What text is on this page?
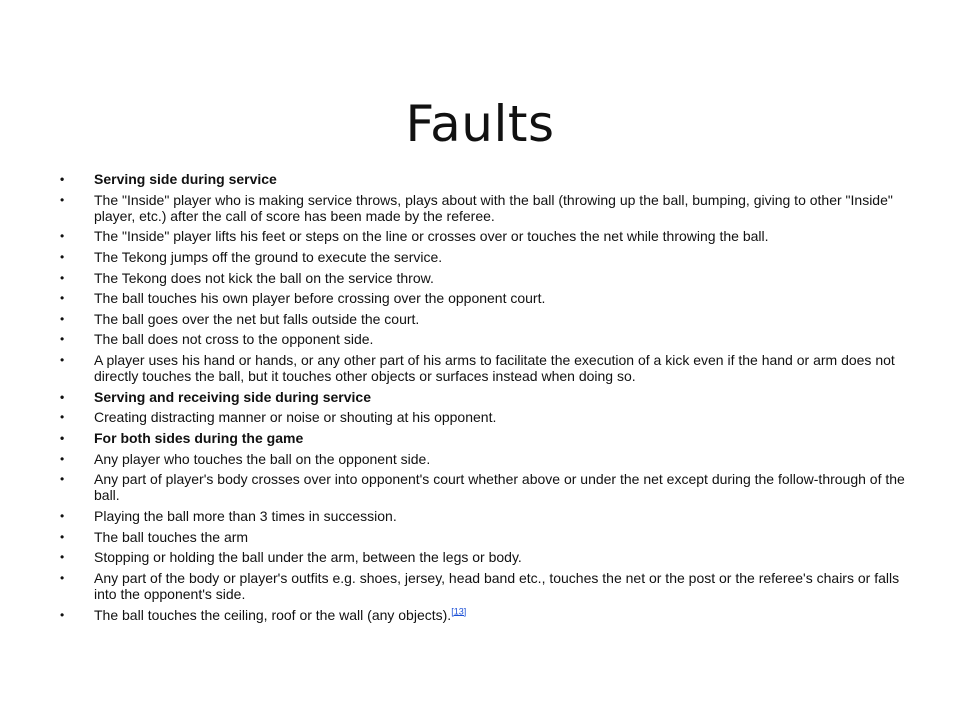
Faults
• Serving side during service
• The "Inside" player who is making service throws, plays about with the ball (throwing up the ball, bumping, giving to other "Inside" player, etc.) after the call of score has been made by the referee.
• The "Inside" player lifts his feet or steps on the line or crosses over or touches the net while throwing the ball.
• The Tekong jumps off the ground to execute the service.
• The Tekong does not kick the ball on the service throw.
• The ball touches his own player before crossing over the opponent court.
• The ball goes over the net but falls outside the court.
• The ball does not cross to the opponent side.
• A player uses his hand or hands, or any other part of his arms to facilitate the execution of a kick even if the hand or arm does not directly touches the ball, but it touches other objects or surfaces instead when doing so.
• Serving and receiving side during service
• Creating distracting manner or noise or shouting at his opponent.
• For both sides during the game
• Any player who touches the ball on the opponent side.
• Any part of player's body crosses over into opponent's court whether above or under the net except during the follow-through of the ball.
• Playing the ball more than 3 times in succession.
• The ball touches the arm
• Stopping or holding the ball under the arm, between the legs or body.
• Any part of the body or player's outfits e.g. shoes, jersey, head band etc., touches the net or the post or the referee's chairs or falls into the opponent's side.
• The ball touches the ceiling, roof or the wall (any objects).[13]
